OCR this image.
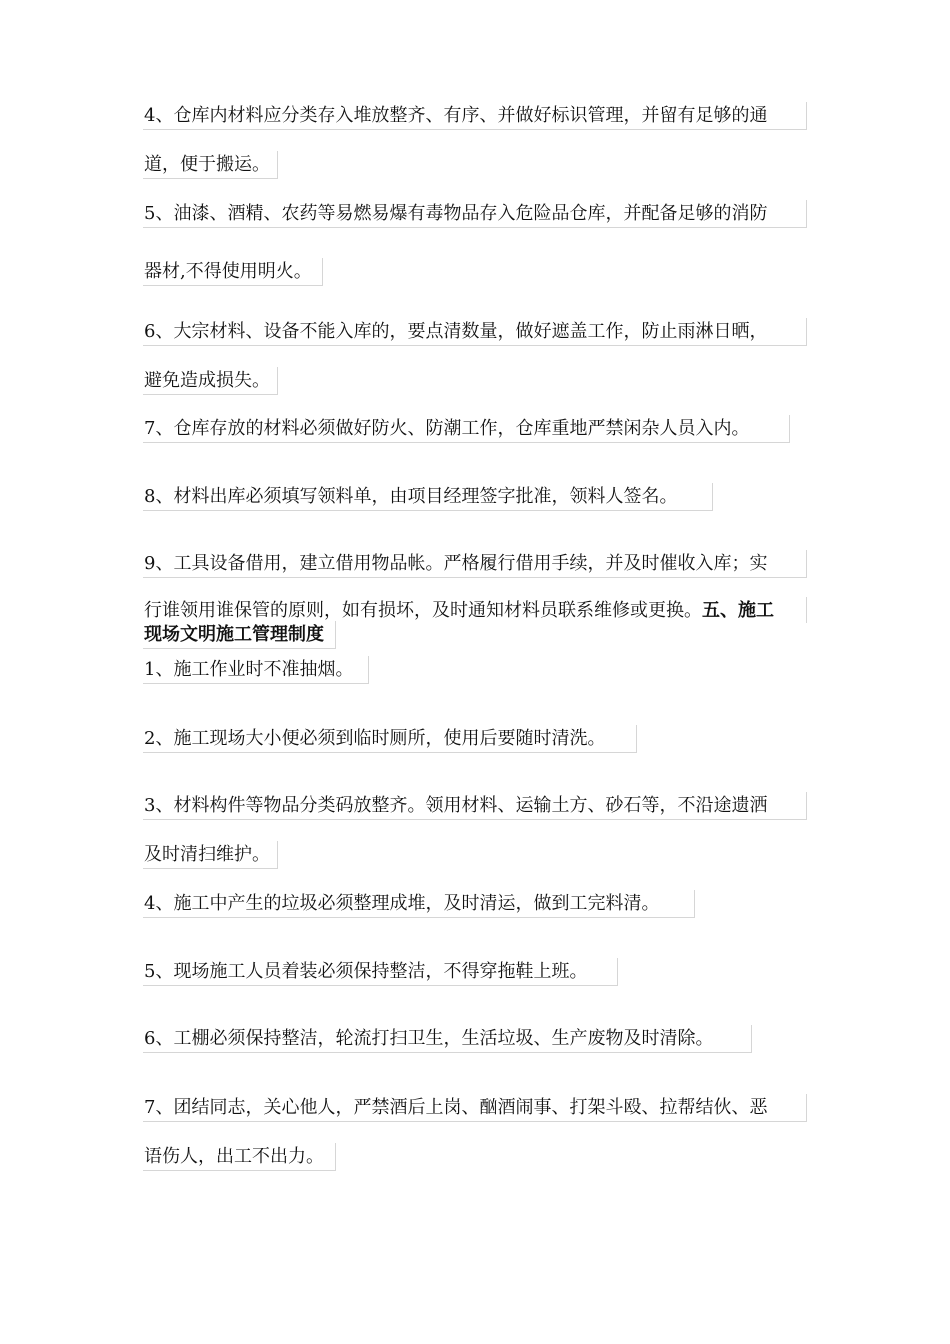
4、仓库内材料应分类存入堆放整齐、有序、并做好标识管理，并留有足够的通
道，便于搬运。
5、油漆、酒精、农药等易燃易爆有毒物品存入危险品仓库，并配备足够的消防
器材,不得使用明火。
6、大宗材料、设备不能入库的，要点清数量，做好遮盖工作，防止雨淋日晒，
避免造成损失。
7、仓库存放的材料必须做好防火、防潮工作，仓库重地严禁闲杂人员入内。
8、材料出库必须填写领料单，由项目经理签字批准，领料人签名。
9、工具设备借用，建立借用物品帐。严格履行借用手续，并及时催收入库；实
行谁领用谁保管的原则，如有损坏，及时通知材料员联系维修或更换。五、施工
现场文明施工管理制度
1、施工作业时不准抽烟。
2、施工现场大小便必须到临时厕所，使用后要随时清洗。
3、材料构件等物品分类码放整齐。领用材料、运输土方、砂石等，不沿途遗洒
及时清扫维护。
4、施工中产生的垃圾必须整理成堆，及时清运，做到工完料清。
5、现场施工人员着装必须保持整洁，不得穿拖鞋上班。
6、工棚必须保持整洁，轮流打扫卫生，生活垃圾、生产废物及时清除。
7、团结同志，关心他人，严禁酒后上岗、酗酒闹事、打架斗殴、拉帮结伙、恶
语伤人，出工不出力。
